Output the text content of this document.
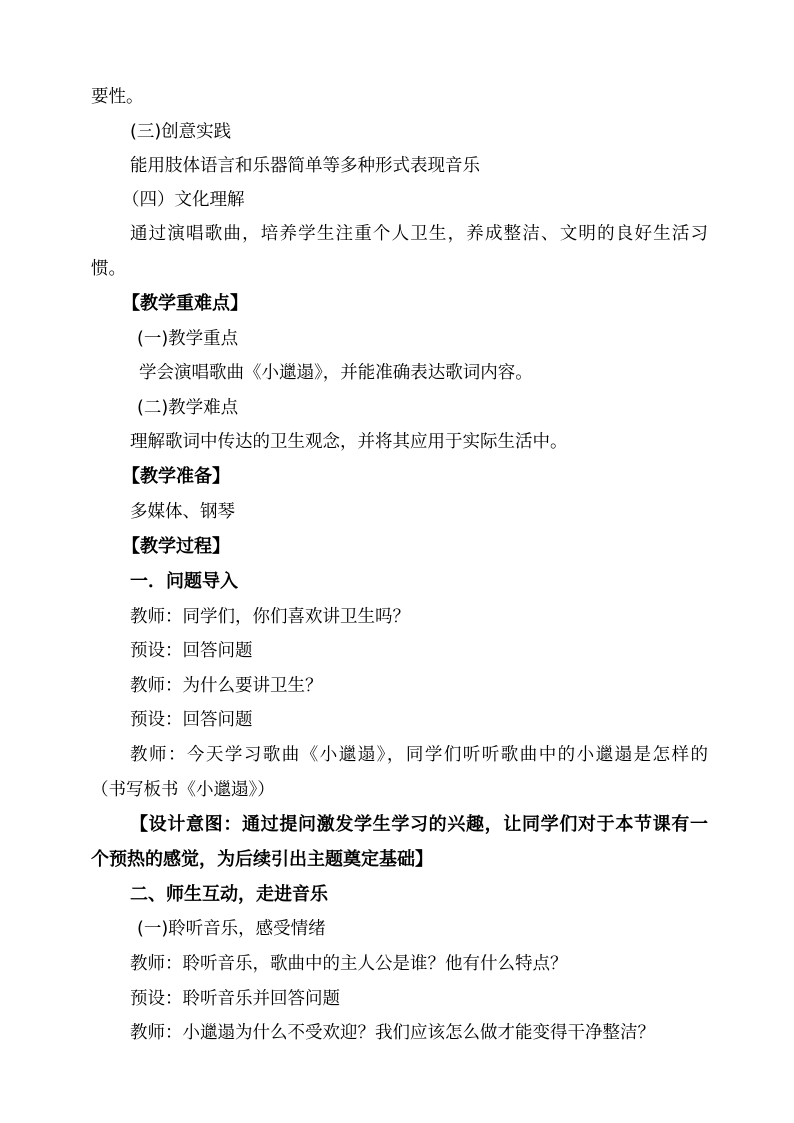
要性。

(三)创意实践

能用肢体语言和乐器简单等多种形式表现音乐

（四）文化理解

通过演唱歌曲，培养学生注重个人卫生，养成整洁、文明的良好生活习

惯。

【教学重难点】

(一)教学重点

学会演唱歌曲《小邋遢》，并能准确表达歌词内容。

(二)教学难点

理解歌词中传达的卫生观念，并将其应用于实际生活中。

【教学准备】

多媒体、钢琴

【教学过程】

一．问题导入

教师：同学们，你们喜欢讲卫生吗？

预设：回答问题

教师：为什么要讲卫生？

预设：回答问题

教师：今天学习歌曲《小邋遢》，同学们听听歌曲中的小邋遢是怎样的

（书写板书《小邋遢》）

【设计意图：通过提问激发学生学习的兴趣，让同学们对于本节课有一

个预热的感觉，为后续引出主题奠定基础】

二、师生互动，走进音乐

(一)聆听音乐，感受情绪

教师：聆听音乐，歌曲中的主人公是谁？他有什么特点？

预设：聆听音乐并回答问题

教师：小邋遢为什么不受欢迎？我们应该怎么做才能变得干净整洁？
